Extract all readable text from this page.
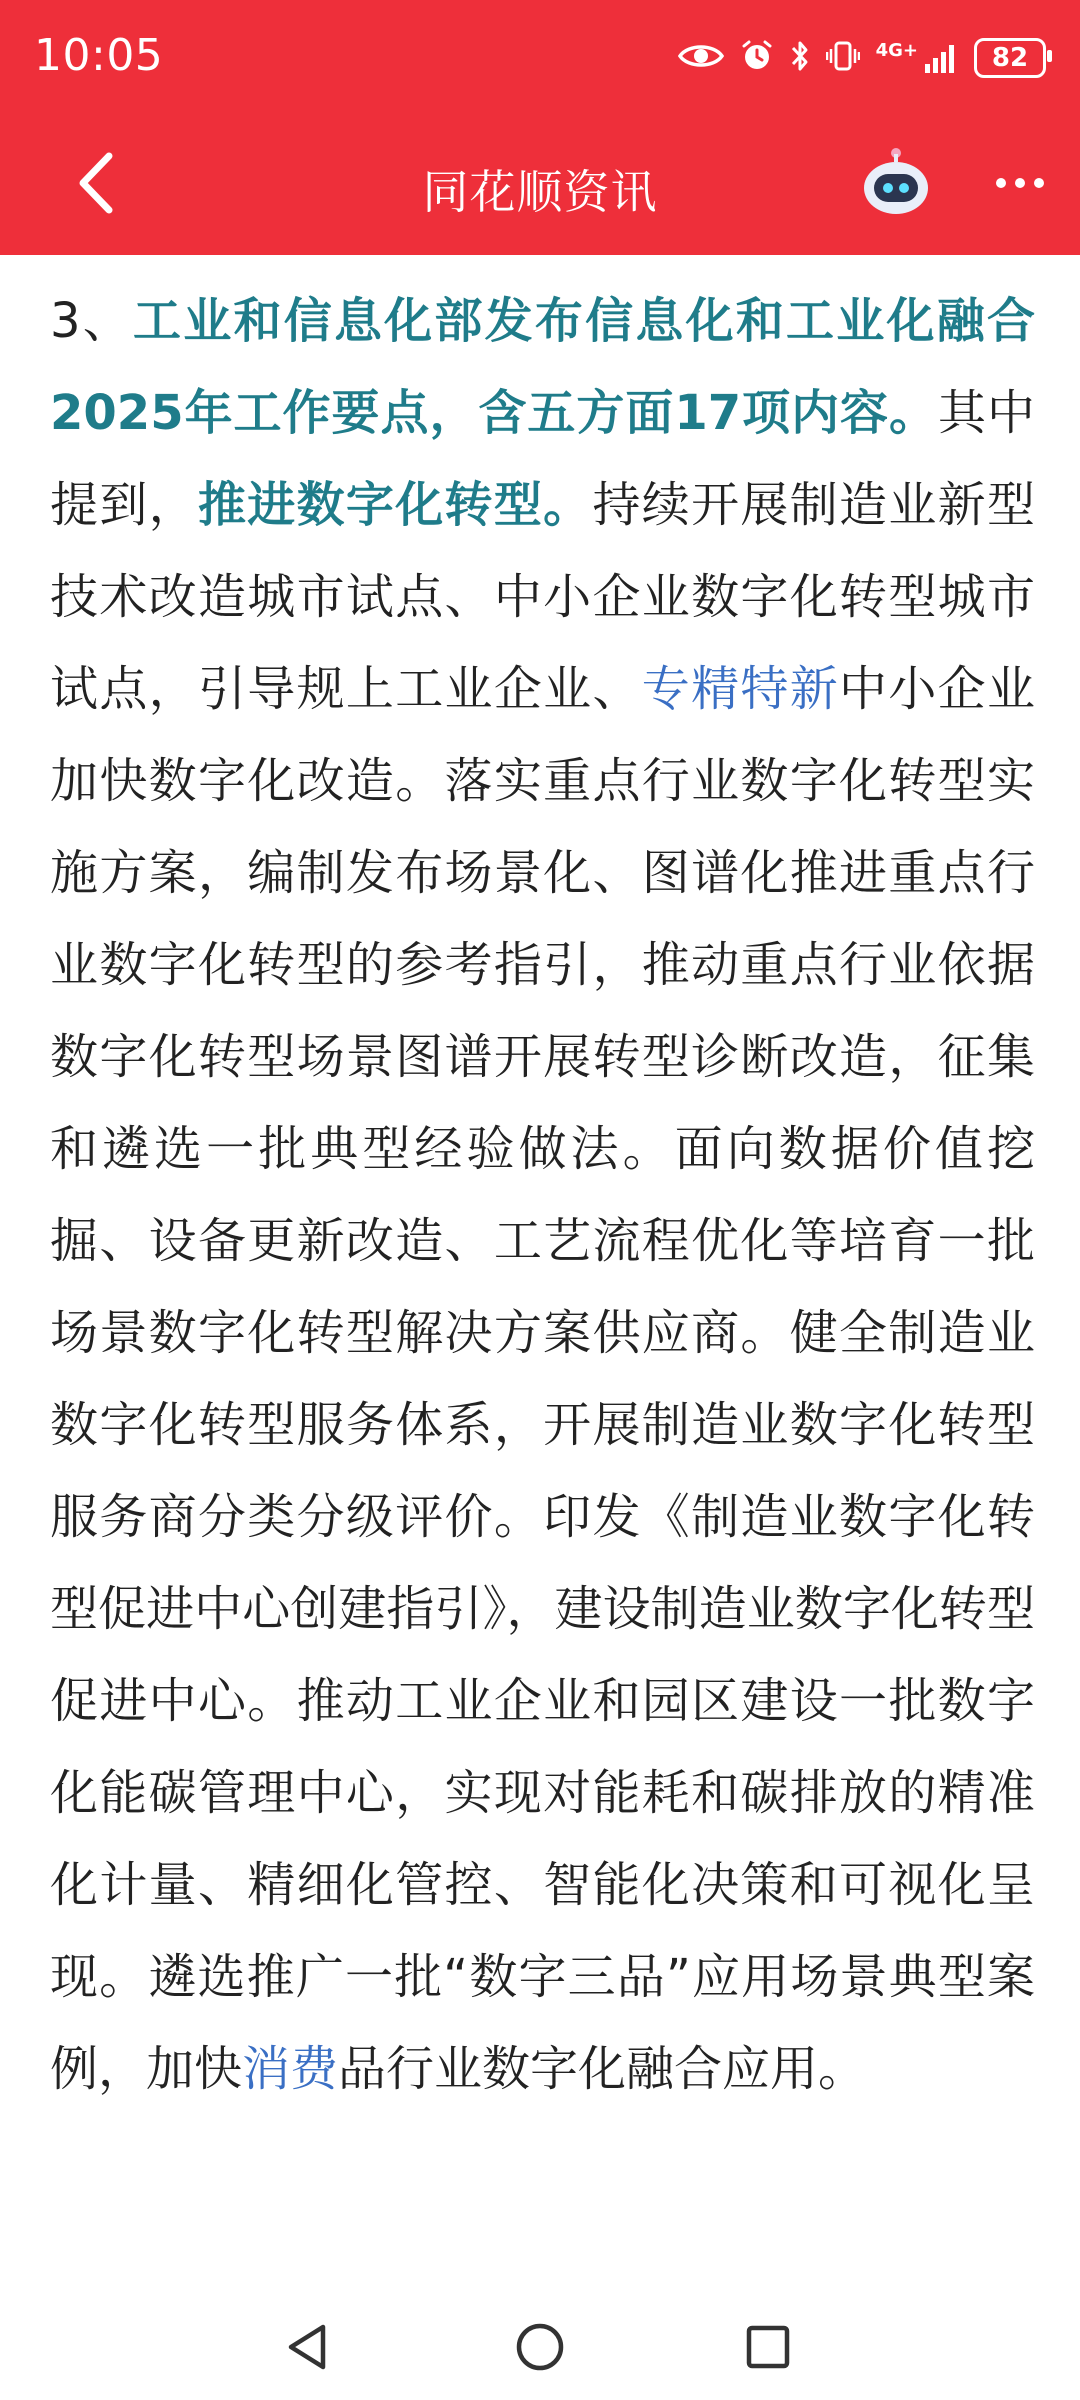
10:05	4G+	82
同花顺资讯
3、工业和信息化部发布信息化和工业化融合2025年工作要点，含五方面17项内容。其中提到，推进数字化转型。持续开展制造业新型技术改造城市试点、中小企业数字化转型城市试点，引导规上工业企业、专精特新中小企业加快数字化改造。落实重点行业数字化转型实施方案，编制发布场景化、图谱化推进重点行业数字化转型的参考指引，推动重点行业依据数字化转型场景图谱开展转型诊断改造，征集和遴选一批典型经验做法。面向数据价值挖掘、设备更新改造、工艺流程优化等培育一批场景数字化转型解决方案供应商。健全制造业数字化转型服务体系，开展制造业数字化转型服务商分类分级评价。印发《制造业数字化转型促进中心创建指引》，建设制造业数字化转型促进中心。推动工业企业和园区建设一批数字化能碳管理中心，实现对能耗和碳排放的精准化计量、精细化管控、智能化决策和可视化呈现。遴选推广一批“数字三品”应用场景典型案例，加快消费品行业数字化融合应用。
